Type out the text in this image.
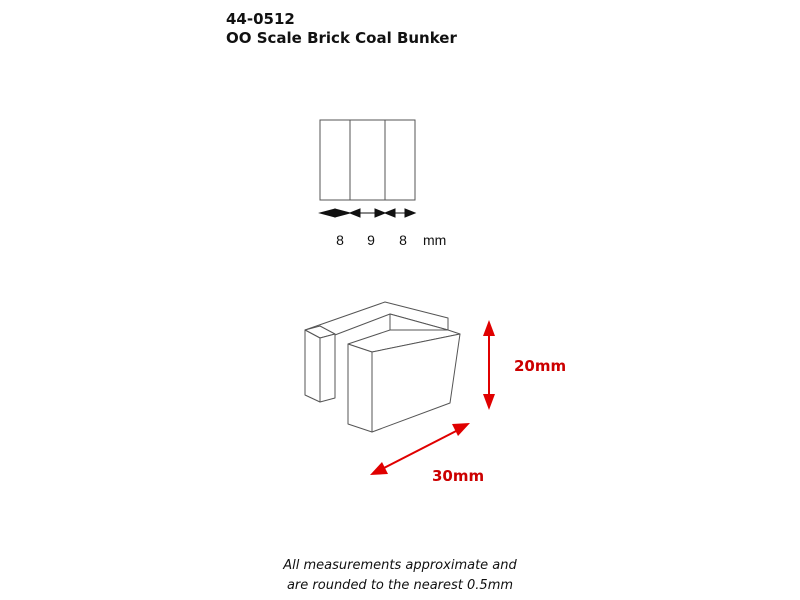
44-0512
OO Scale Brick Coal Bunker
8 9 8 mm
20mm
30mm
All measurements approximate and
are rounded to the nearest 0.5mm
